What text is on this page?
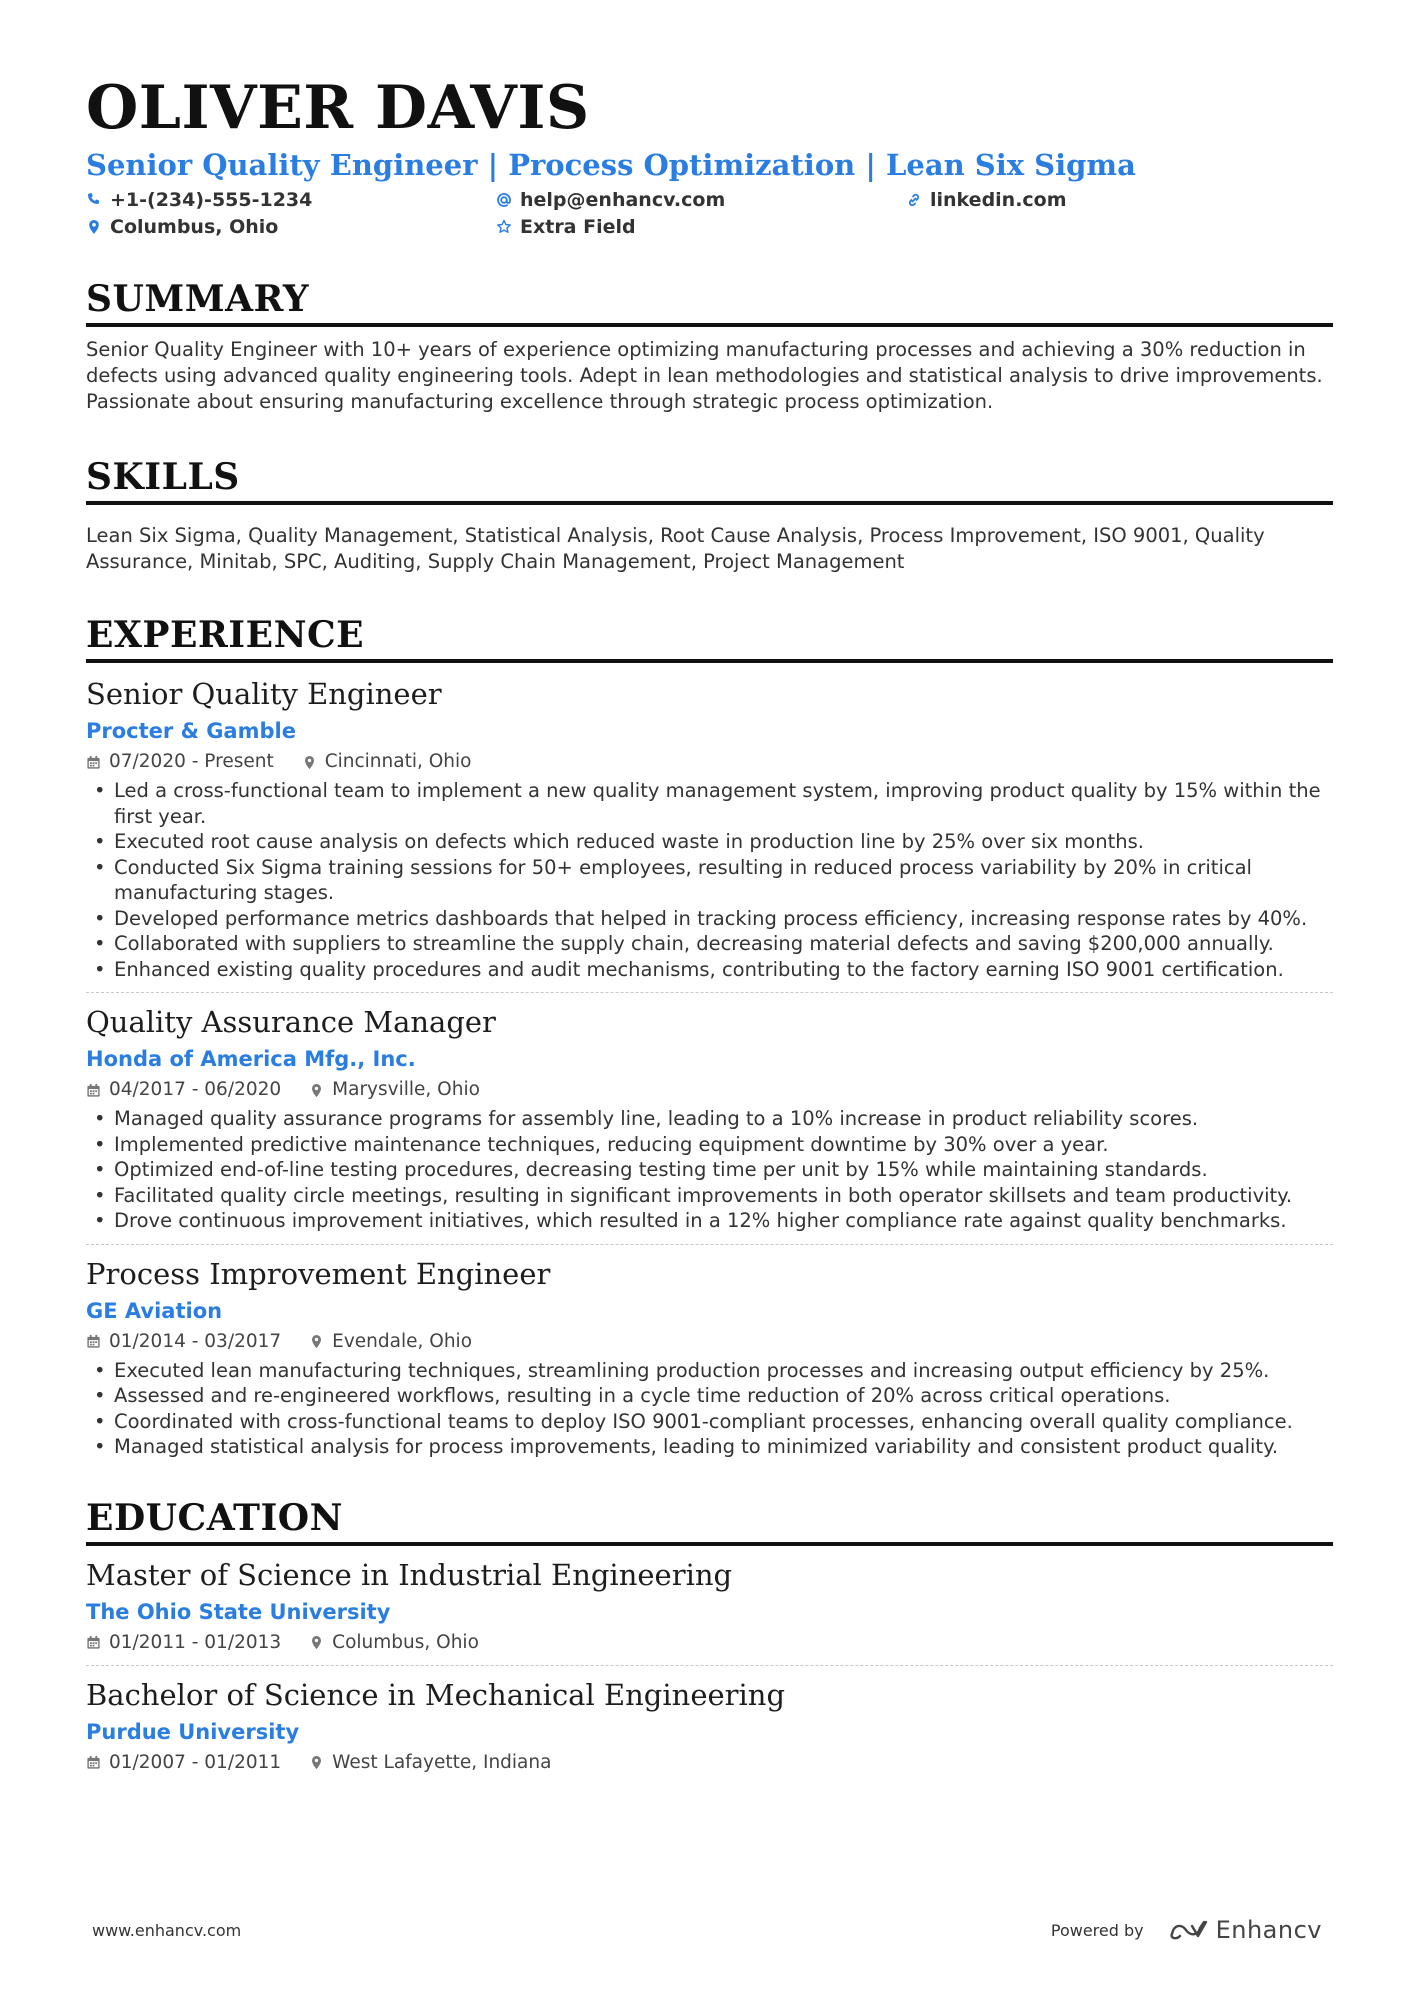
OLIVER DAVIS
Senior Quality Engineer | Process Optimization | Lean Six Sigma
+1-(234)-555-1234	help@enhancv.com	linkedin.com
Columbus, Ohio	Extra Field
SUMMARY
Senior Quality Engineer with 10+ years of experience optimizing manufacturing processes and achieving a 30% reduction in defects using advanced quality engineering tools. Adept in lean methodologies and statistical analysis to drive improvements. Passionate about ensuring manufacturing excellence through strategic process optimization.
SKILLS
Lean Six Sigma, Quality Management, Statistical Analysis, Root Cause Analysis, Process Improvement, ISO 9001, Quality Assurance, Minitab, SPC, Auditing, Supply Chain Management, Project Management
EXPERIENCE
Senior Quality Engineer
Procter & Gamble
07/2020 - Present	Cincinnati, Ohio
• Led a cross-functional team to implement a new quality management system, improving product quality by 15% within the first year.
• Executed root cause analysis on defects which reduced waste in production line by 25% over six months.
• Conducted Six Sigma training sessions for 50+ employees, resulting in reduced process variability by 20% in critical manufacturing stages.
• Developed performance metrics dashboards that helped in tracking process efficiency, increasing response rates by 40%.
• Collaborated with suppliers to streamline the supply chain, decreasing material defects and saving $200,000 annually.
• Enhanced existing quality procedures and audit mechanisms, contributing to the factory earning ISO 9001 certification.
Quality Assurance Manager
Honda of America Mfg., Inc.
04/2017 - 06/2020	Marysville, Ohio
• Managed quality assurance programs for assembly line, leading to a 10% increase in product reliability scores.
• Implemented predictive maintenance techniques, reducing equipment downtime by 30% over a year.
• Optimized end-of-line testing procedures, decreasing testing time per unit by 15% while maintaining standards.
• Facilitated quality circle meetings, resulting in significant improvements in both operator skillsets and team productivity.
• Drove continuous improvement initiatives, which resulted in a 12% higher compliance rate against quality benchmarks.
Process Improvement Engineer
GE Aviation
01/2014 - 03/2017	Evendale, Ohio
• Executed lean manufacturing techniques, streamlining production processes and increasing output efficiency by 25%.
• Assessed and re-engineered workflows, resulting in a cycle time reduction of 20% across critical operations.
• Coordinated with cross-functional teams to deploy ISO 9001-compliant processes, enhancing overall quality compliance.
• Managed statistical analysis for process improvements, leading to minimized variability and consistent product quality.
EDUCATION
Master of Science in Industrial Engineering
The Ohio State University
01/2011 - 01/2013	Columbus, Ohio
Bachelor of Science in Mechanical Engineering
Purdue University
01/2007 - 01/2011	West Lafayette, Indiana
www.enhancv.com	Powered by	Enhancv
